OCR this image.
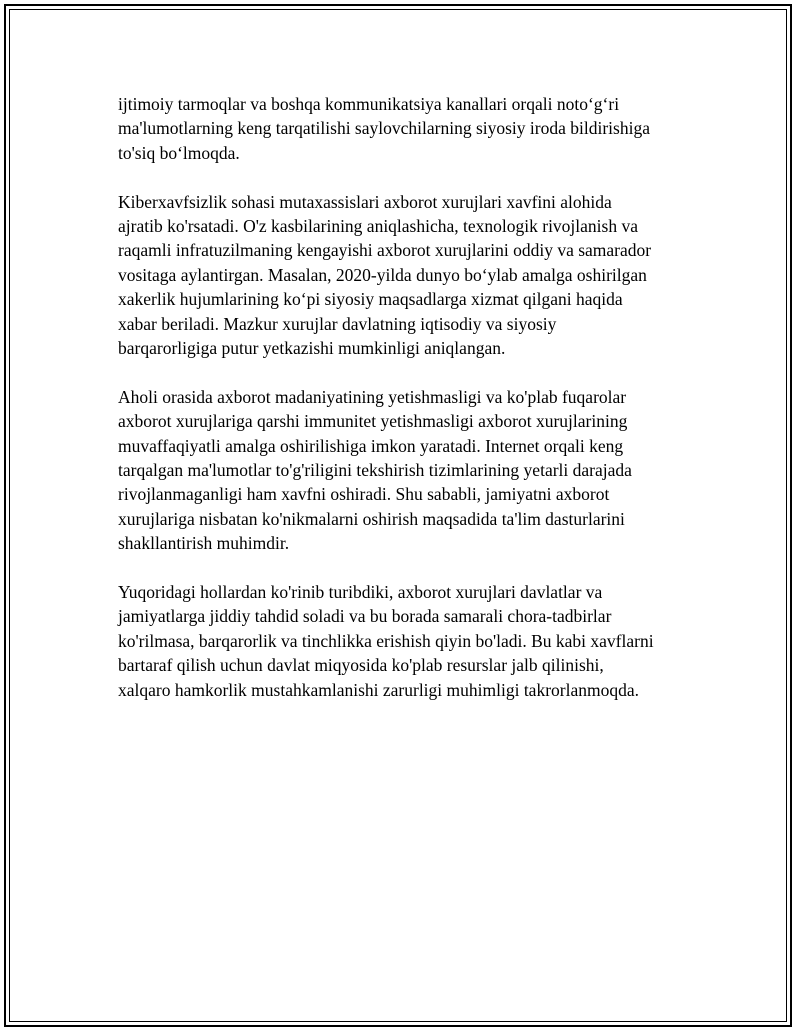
ijtimoiy tarmoqlar va boshqa kommunikatsiya kanallari orqali noto‘g‘ri
ma'lumotlarning keng tarqatilishi saylovchilarning siyosiy iroda bildirishiga
to'siq bo‘lmoqda.

Kiberxavfsizlik sohasi mutaxassislari axborot xurujlari xavfini alohida
ajratib ko'rsatadi. O'z kasbilarining aniqlashicha, texnologik rivojlanish va
raqamli infratuzilmaning kengayishi axborot xurujlarini oddiy va samarador
vositaga aylantirgan. Masalan, 2020-yilda dunyo bo‘ylab amalga oshirilgan
xakerlik hujumlarining ko‘pi siyosiy maqsadlarga xizmat qilgani haqida
xabar beriladi. Mazkur xurujlar davlatning iqtisodiy va siyosiy
barqarorligiga putur yetkazishi mumkinligi aniqlangan.

Aholi orasida axborot madaniyatining yetishmasligi va ko'plab fuqarolar
axborot xurujlariga qarshi immunitet yetishmasligi axborot xurujlarining
muvaffaqiyatli amalga oshirilishiga imkon yaratadi. Internet orqali keng
tarqalgan ma'lumotlar to'g'riligini tekshirish tizimlarining yetarli darajada
rivojlanmaganligi ham xavfni oshiradi. Shu sababli, jamiyatni axborot
xurujlariga nisbatan ko'nikmalarni oshirish maqsadida ta'lim dasturlarini
shakllantirish muhimdir.

Yuqoridagi hollardan ko'rinib turibdiki, axborot xurujlari davlatlar va
jamiyatlarga jiddiy tahdid soladi va bu borada samarali chora-tadbirlar
ko'rilmasa, barqarorlik va tinchlikka erishish qiyin bo'ladi. Bu kabi xavflarni
bartaraf qilish uchun davlat miqyosida ko'plab resurslar jalb qilinishi,
xalqaro hamkorlik mustahkamlanishi zarurligi muhimligi takrorlanmoqda.
